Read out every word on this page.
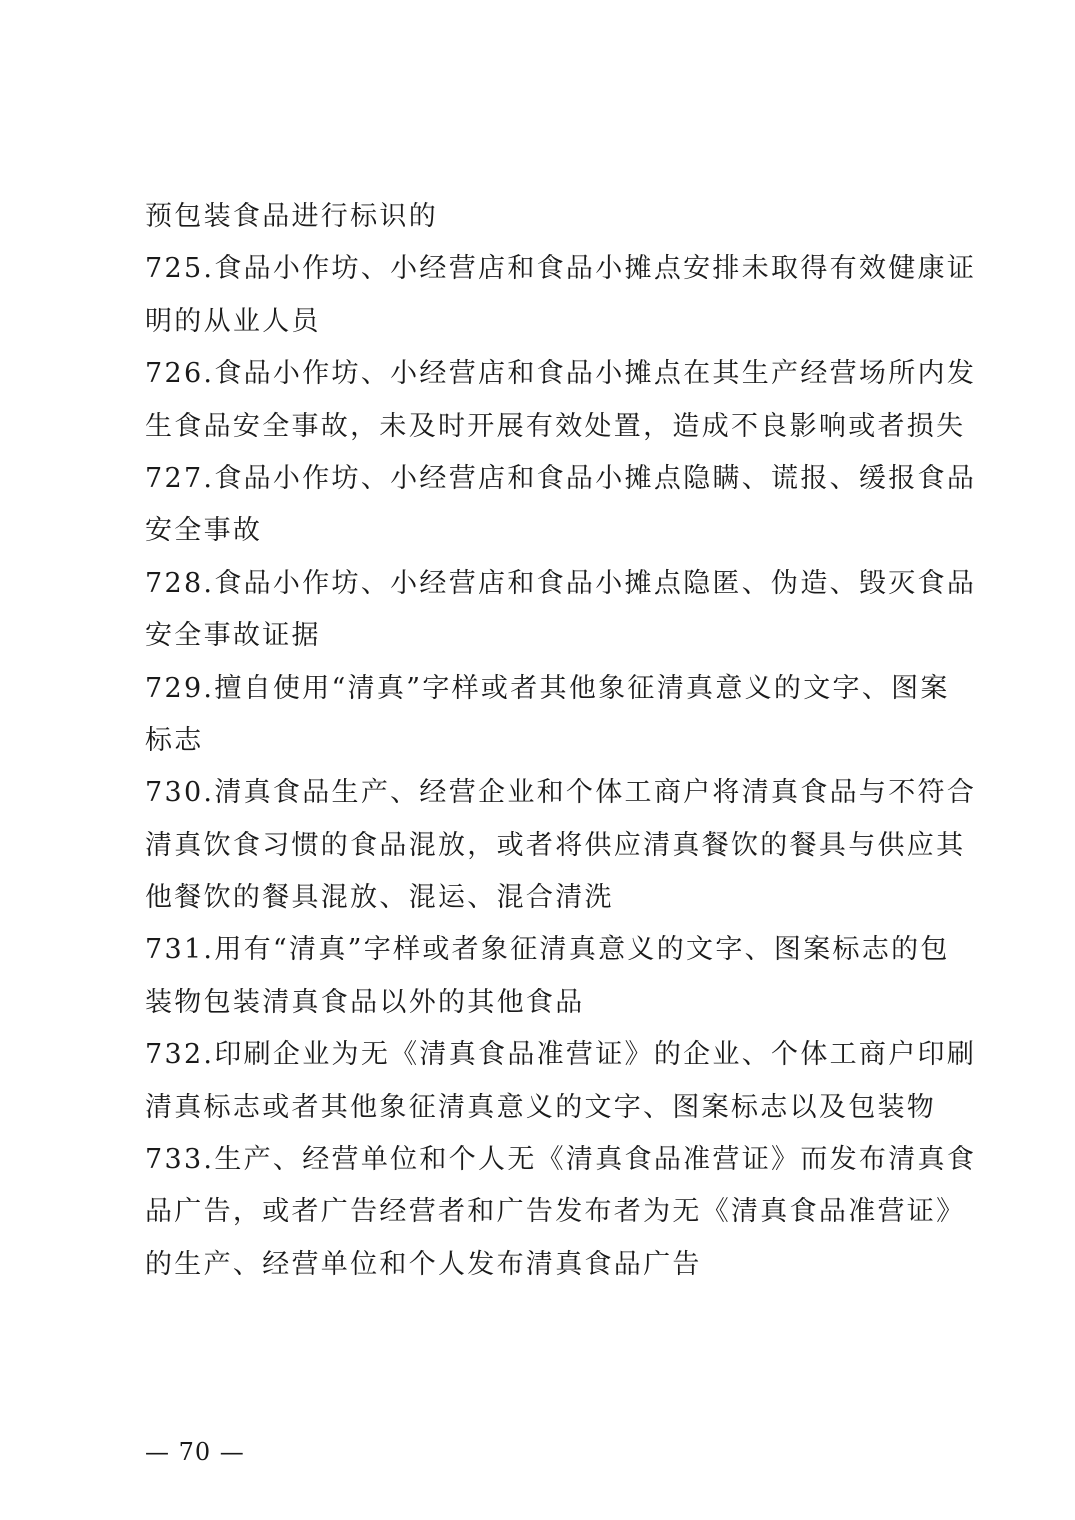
预包装食品进行标识的
725.食品小作坊、小经营店和食品小摊点安排未取得有效健康证
明的从业人员
726.食品小作坊、小经营店和食品小摊点在其生产经营场所内发
生食品安全事故，未及时开展有效处置，造成不良影响或者损失
727.食品小作坊、小经营店和食品小摊点隐瞒、谎报、缓报食品
安全事故
728.食品小作坊、小经营店和食品小摊点隐匿、伪造、毁灭食品
安全事故证据
729.擅自使用“清真”字样或者其他象征清真意义的文字、图案
标志
730.清真食品生产、经营企业和个体工商户将清真食品与不符合
清真饮食习惯的食品混放，或者将供应清真餐饮的餐具与供应其
他餐饮的餐具混放、混运、混合清洗
731.用有“清真”字样或者象征清真意义的文字、图案标志的包
装物包装清真食品以外的其他食品
732.印刷企业为无《清真食品准营证》的企业、个体工商户印刷
清真标志或者其他象征清真意义的文字、图案标志以及包装物
733.生产、经营单位和个人无《清真食品准营证》而发布清真食
品广告，或者广告经营者和广告发布者为无《清真食品准营证》
的生产、经营单位和个人发布清真食品广告
— 70 —
